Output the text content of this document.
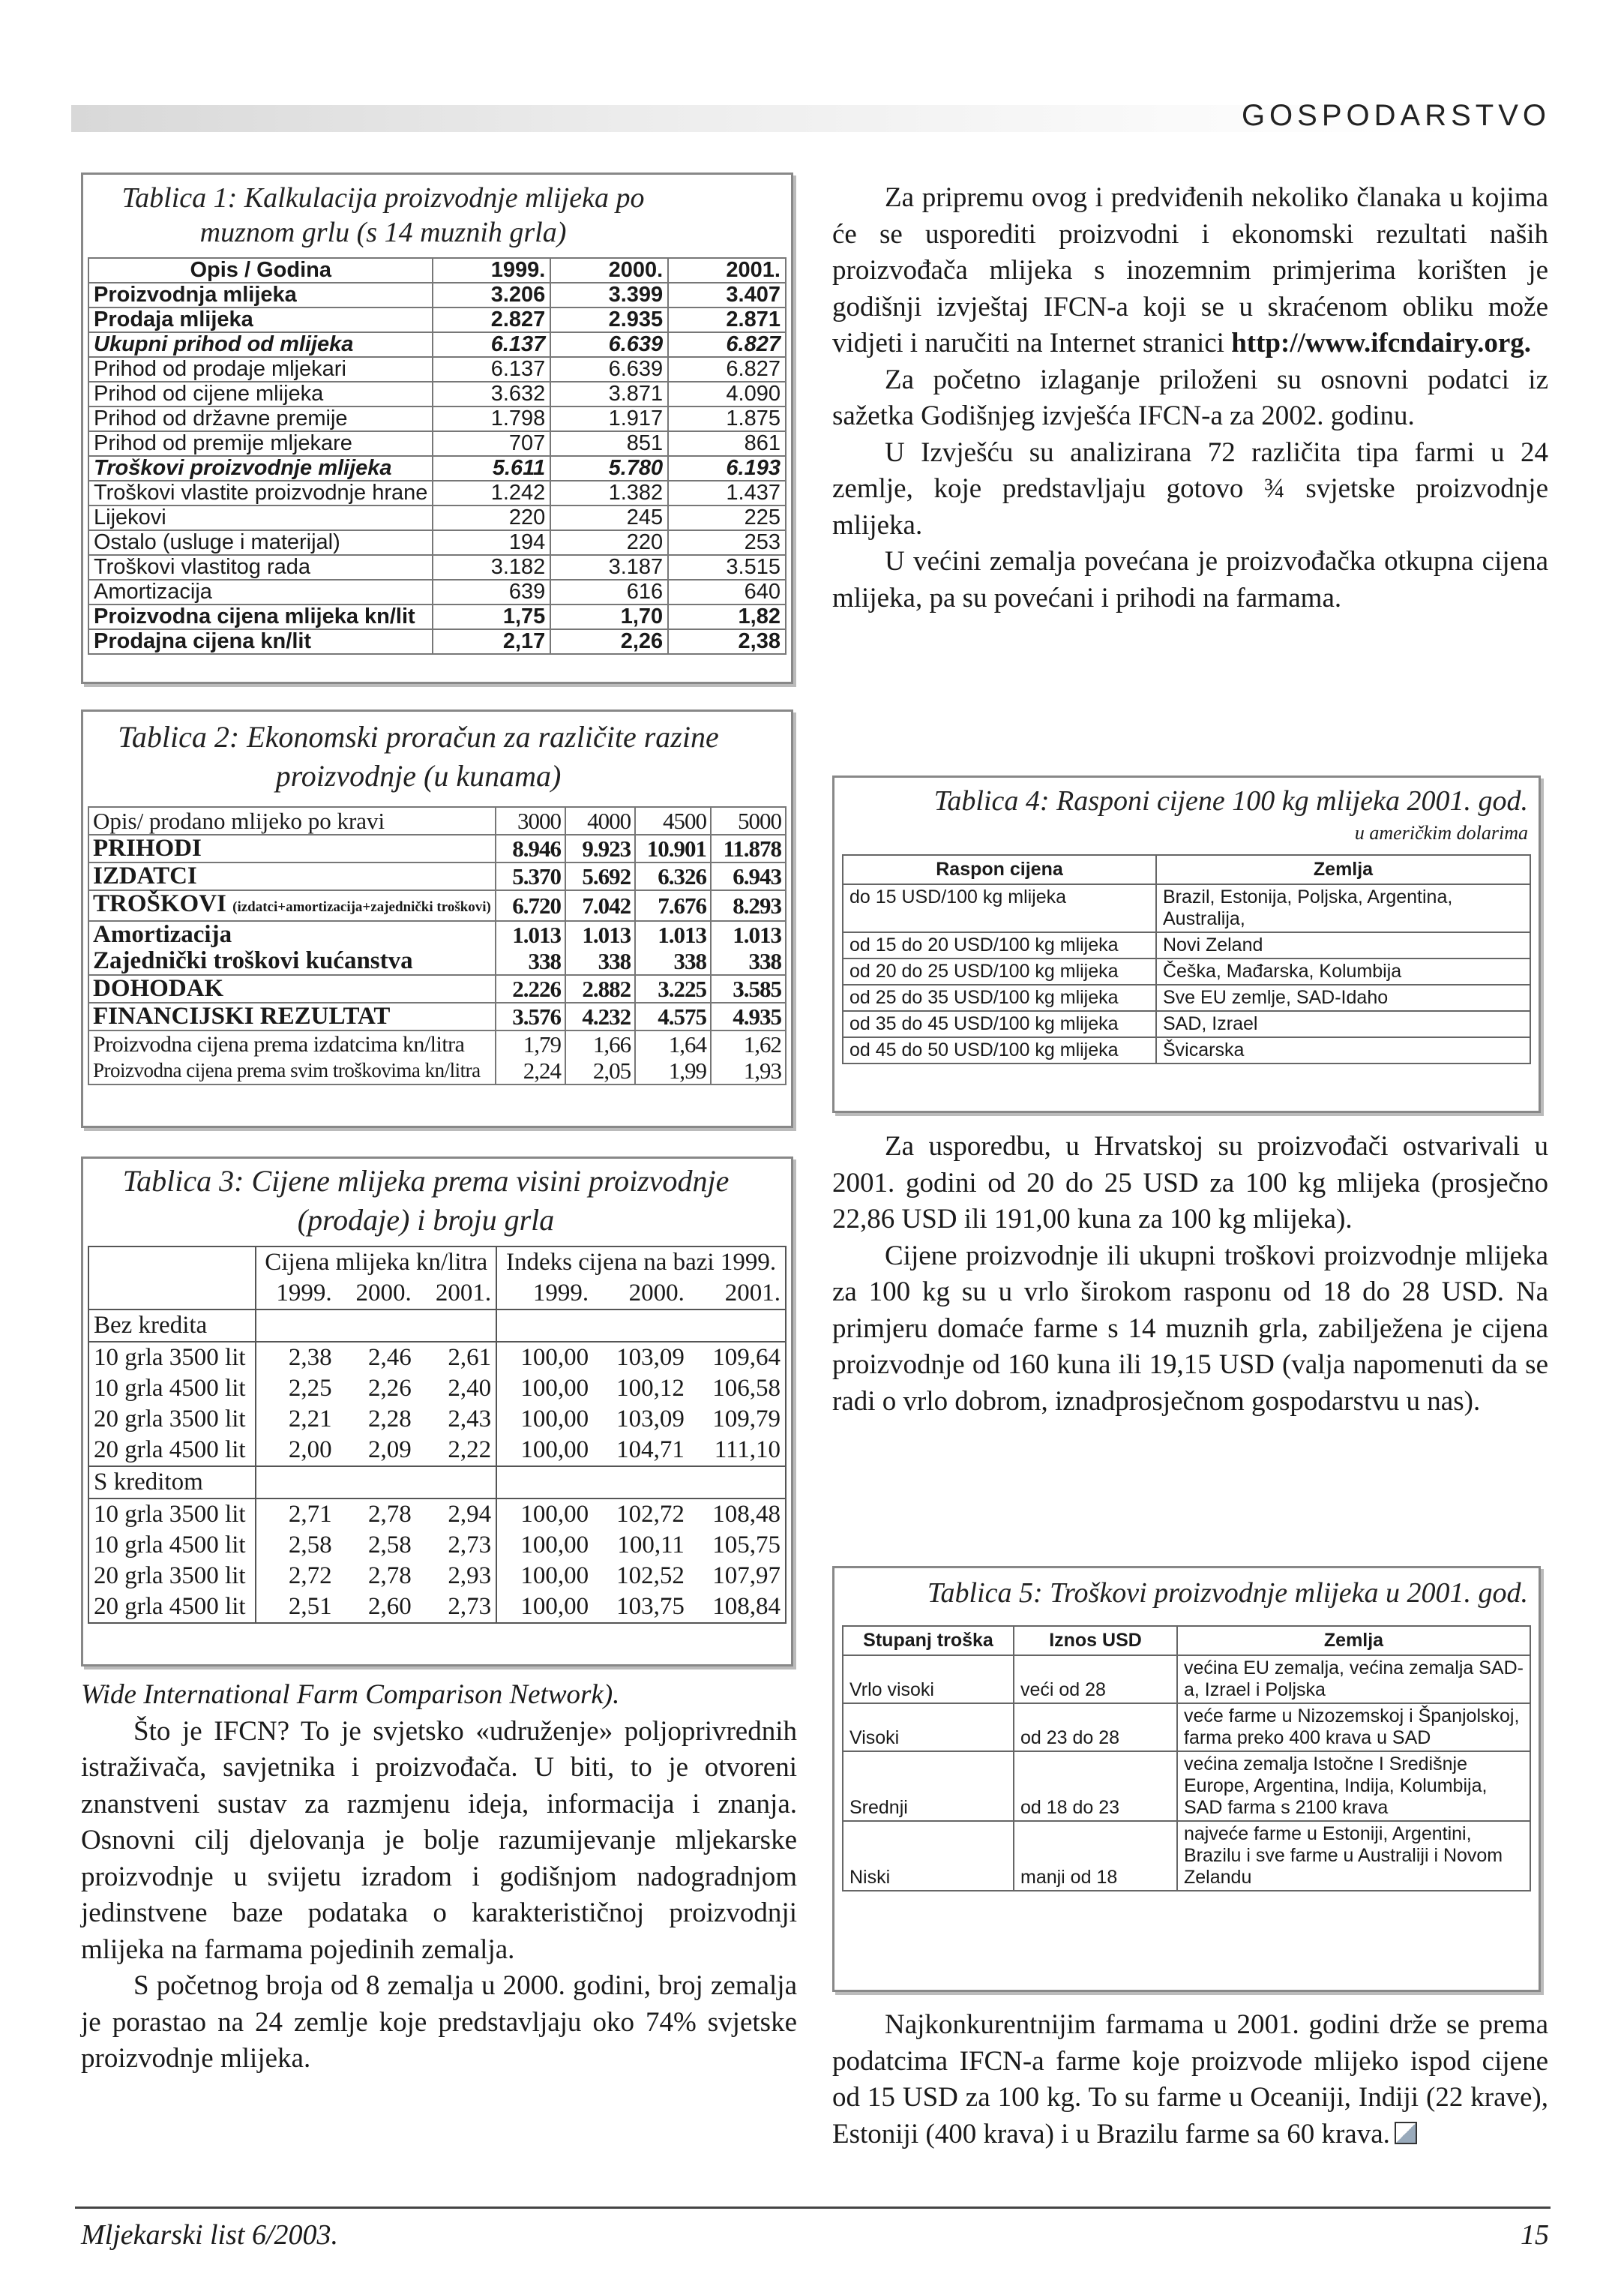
GOSPODARSTVO
Tablica 1: Kalkulacija proizvodnje mlijeka po muznom grlu (s 14 muznih grla)
Opis / Godina	1999.	2000.	2001.
Proizvodnja mlijeka	3.206	3.399	3.407
Prodaja mlijeka	2.827	2.935	2.871
Ukupni prihod od mlijeka	6.137	6.639	6.827
Prihod od prodaje mljekari	6.137	6.639	6.827
Prihod od cijene mlijeka	3.632	3.871	4.090
Prihod od državne premije	1.798	1.917	1.875
Prihod od premije mljekare	707	851	861
Troškovi proizvodnje mlijeka	5.611	5.780	6.193
Troškovi vlastite proizvodnje hrane	1.242	1.382	1.437
Lijekovi	220	245	225
Ostalo (usluge i materijal)	194	220	253
Troškovi vlastitog rada	3.182	3.187	3.515
Amortizacija	639	616	640
Proizvodna cijena mlijeka kn/lit	1,75	1,70	1,82
Prodajna cijena kn/lit	2,17	2,26	2,38
Tablica 2: Ekonomski proračun za različite razine proizvodnje (u kunama)
Opis/ prodano mlijeko po kravi	3000	4000	4500	5000
PRIHODI	8.946	9.923	10.901	11.878
IZDATCI	5.370	5.692	6.326	6.943
TROŠKOVI (izdatci+amortizacija+zajednički troškovi)	6.720	7.042	7.676	8.293
Amortizacija	1.013	1.013	1.013	1.013
Zajednički troškovi kućanstva	338	338	338	338
DOHODAK	2.226	2.882	3.225	3.585
FINANCIJSKI REZULTAT	3.576	4.232	4.575	4.935
Proizvodna cijena prema izdatcima kn/litra	1,79	1,66	1,64	1,62
Proizvodna cijena prema svim troškovima kn/litra	2,24	2,05	1,99	1,93
Tablica 3: Cijene mlijeka prema visini proizvodnje (prodaje) i broju grla
	Cijena mlijeka kn/litra			Indeks cijena na bazi 1999.		
	1999.	2000.	2001.	1999.	2000.	2001.
Bez kredita						
10 grla 3500 lit	2,38	2,46	2,61	100,00	103,09	109,64
10 grla 4500 lit	2,25	2,26	2,40	100,00	100,12	106,58
20 grla 3500 lit	2,21	2,28	2,43	100,00	103,09	109,79
20 grla 4500 lit	2,00	2,09	2,22	100,00	104,71	111,10
S kreditom						
10 grla 3500 lit	2,71	2,78	2,94	100,00	102,72	108,48
10 grla 4500 lit	2,58	2,58	2,73	100,00	100,11	105,75
20 grla 3500 lit	2,72	2,78	2,93	100,00	102,52	107,97
20 grla 4500 lit	2,51	2,60	2,73	100,00	103,75	108,84

Wide International Farm Comparison Network).

Što je IFCN? To je svjetsko «udruženje» poljoprivrednih istraživača, savjetnika i proizvođača. U biti, to je otvoreni znanstveni sustav za razmjenu ideja, informacija i znanja. Osnovni cilj djelovanja je bolje razumijevanje mljekarske proizvodnje u svijetu izradom i godišnjom nadogradnjom jedinstvene baze podataka o karakterističnoj proizvodnji mlijeka na farmama pojedinih zemalja.

S početnog broja od 8 zemalja u 2000. godini, broj zemalja je porastao na 24 zemlje koje predstavljaju oko 74% svjetske proizvodnje mlijeka.

Za pripremu ovog i predviđenih nekoliko članaka u kojima će se usporediti proizvodni i ekonomski rezultati naših proizvođača mlijeka s inozemnim primjerima korišten je godišnji izvještaj IFCN-a koji se u skraćenom obliku može vidjeti i naručiti na Internet stranici http://www.ifcndairy.org.

Za početno izlaganje priloženi su osnovni podatci iz sažetka Godišnjeg izvješća IFCN-a za 2002. godinu.

U Izvješću su analizirana 72 različita tipa farmi u 24 zemlje, koje predstavljaju gotovo ¾ svjetske proizvodnje mlijeka.

U većini zemalja povećana je proizvođačka otkupna cijena mlijeka, pa su povećani i prihodi na farmama.

Tablica 4: Rasponi cijene 100 kg mlijeka 2001. god.
u američkim dolarima
Raspon cijena	Zemlja
do 15 USD/100 kg mlijeka	Brazil, Estonija, Poljska, Argentina, Australija,
od 15 do 20 USD/100 kg mlijeka	Novi Zeland
od 20 do 25 USD/100 kg mlijeka	Češka, Mađarska, Kolumbija
od 25 do 35 USD/100 kg mlijeka	Sve EU zemlje, SAD-Idaho
od 35 do 45 USD/100 kg mlijeka	SAD, Izrael
od 45 do 50 USD/100 kg mlijeka	Švicarska

Za usporedbu, u Hrvatskoj su proizvođači ostvarivali u 2001. godini od 20 do 25 USD za 100 kg mlijeka (prosječno 22,86 USD ili 191,00 kuna za 100 kg mlijeka).

Cijene proizvodnje ili ukupni troškovi proizvodnje mlijeka za 100 kg su u vrlo širokom rasponu od 18 do 28 USD. Na primjeru domaće farme s 14 muznih grla, zabilježena je cijena proizvodnje od 160 kuna ili 19,15 USD (valja napomenuti da se radi o vrlo dobrom, iznadprosječnom gospodarstvu u nas).

Tablica 5: Troškovi proizvodnje mlijeka u 2001. god.
Stupanj troška	Iznos USD	Zemlja
Vrlo visoki	veći od 28	većina EU zemalja, većina zemalja SAD-a, Izrael i Poljska
Visoki	od 23 do 28	veće farme u Nizozemskoj i Španjolskoj, farma preko 400 krava u SAD
Srednji	od 18 do 23	većina zemalja Istočne I Središnje Europe, Argentina, Indija, Kolumbija, SAD farma s 2100 krava
Niski	manji od 18	najveće farme u Estoniji, Argentini, Brazilu i sve farme u Australiji i Novom Zelandu

Najkonkurentnijim farmama u 2001. godini drže se prema podatcima IFCN-a farme koje proizvode mlijeko ispod cijene od 15 USD za 100 kg. To su farme u Oceaniji, Indiji (22 krave), Estoniji (400 krava) i u Brazilu farme sa 60 krava.

Mljekarski list 6/2003.	15
